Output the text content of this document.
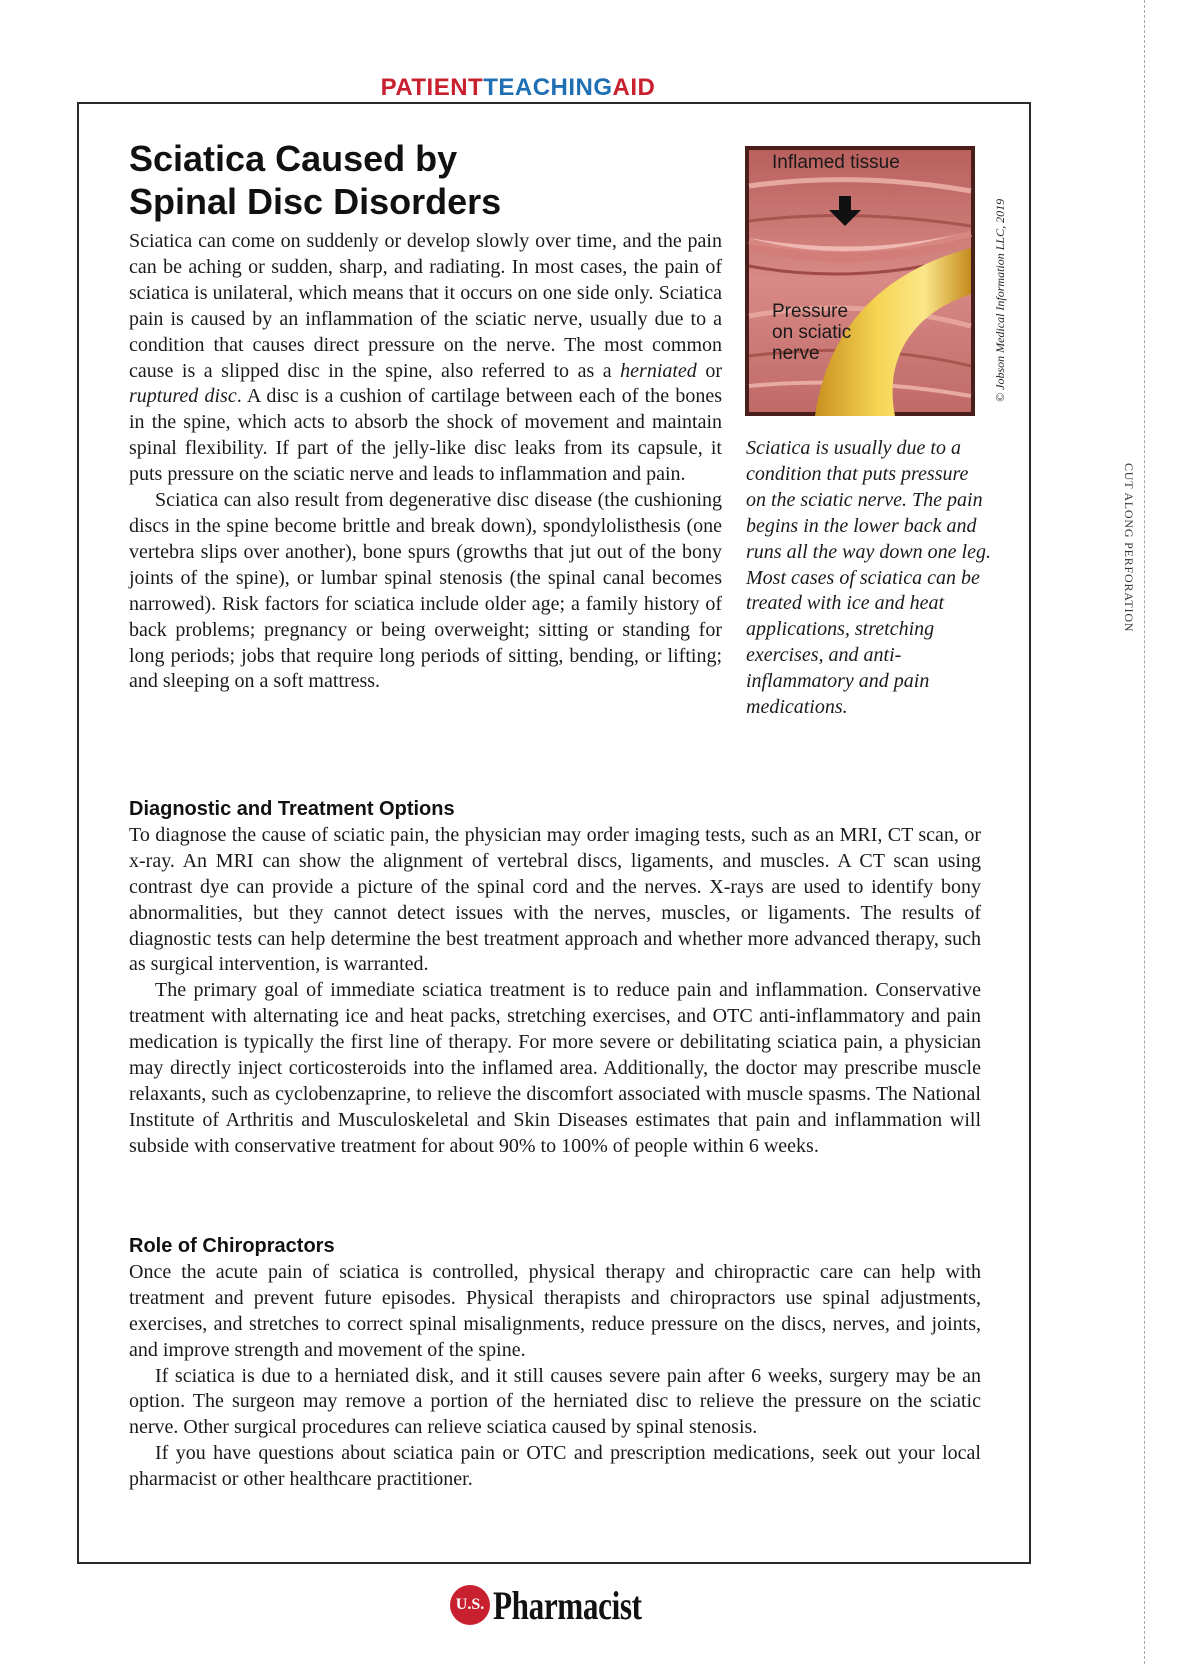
PATIENTTEACHINGAID
CUT ALONG PERFORATION
© Jobson Medical Information LLC, 2019
Sciatica Caused by
Spinal Disc Disorders

Sciatica can come on suddenly or develop slowly over time, and the pain can be aching or sudden, sharp, and radiating. In most cases, the pain of sciatica is unilateral, which means that it occurs on one side only. Sciatica pain is caused by an inflammation of the sciatic nerve, usually due to a condition that causes direct pressure on the nerve. The most common cause is a slipped disc in the spine, also referred to as a herniated or ruptured disc. A disc is a cushion of cartilage between each of the bones in the spine, which acts to absorb the shock of movement and maintain spinal flexibility. If part of the jelly-like disc leaks from its capsule, it puts pressure on the sciatic nerve and leads to inflammation and pain.

Sciatica can also result from degenerative disc disease (the cushioning discs in the spine become brittle and break down), spondylolisthesis (one vertebra slips over another), bone spurs (growths that jut out of the bony joints of the spine), or lumbar spinal stenosis (the spinal canal becomes narrowed). Risk factors for sciatica include older age; a family history of back problems; pregnancy or being overweight; sitting or standing for long periods; jobs that require long periods of sitting, bending, or lifting; and sleeping on a soft mattress.

Inflamed tissue
Pressure
on sciatic
nerve
Sciatica is usually due to a condition that puts pressure on the sciatic nerve. The pain begins in the lower back and runs all the way down one leg. Most cases of sciatica can be treated with ice and heat applications, stretching exercises, and anti-inflammatory and pain medications.

Diagnostic and Treatment Options

To diagnose the cause of sciatic pain, the physician may order imaging tests, such as an MRI, CT scan, or x-ray. An MRI can show the alignment of vertebral discs, ligaments, and muscles. A CT scan using contrast dye can provide a picture of the spinal cord and the nerves. X-rays are used to identify bony abnormalities, but they cannot detect issues with the nerves, muscles, or ligaments. The results of diagnostic tests can help determine the best treatment approach and whether more advanced therapy, such as surgical intervention, is warranted.

The primary goal of immediate sciatica treatment is to reduce pain and inflammation. Conservative treatment with alternating ice and heat packs, stretching exercises, and OTC anti-inflammatory and pain medication is typically the first line of therapy. For more severe or debilitating sciatica pain, a physician may directly inject corticosteroids into the inflamed area. Additionally, the doctor may prescribe muscle relaxants, such as cyclobenzaprine, to relieve the discomfort associated with muscle spasms. The National Institute of Arthritis and Musculoskeletal and Skin Diseases estimates that pain and inflammation will subside with conservative treatment for about 90% to 100% of people within 6 weeks.

Role of Chiropractors

Once the acute pain of sciatica is controlled, physical therapy and chiropractic care can help with treatment and prevent future episodes. Physical therapists and chiropractors use spinal adjustments, exercises, and stretches to correct spinal misalignments, reduce pressure on the discs, nerves, and joints, and improve strength and movement of the spine.

If sciatica is due to a herniated disk, and it still causes severe pain after 6 weeks, surgery may be an option. The surgeon may remove a portion of the herniated disc to relieve the pressure on the sciatic nerve. Other surgical procedures can relieve sciatica caused by spinal stenosis.

If you have questions about sciatica pain or OTC and prescription medications, seek out your local pharmacist or other healthcare practitioner.

U.S. Pharmacist
